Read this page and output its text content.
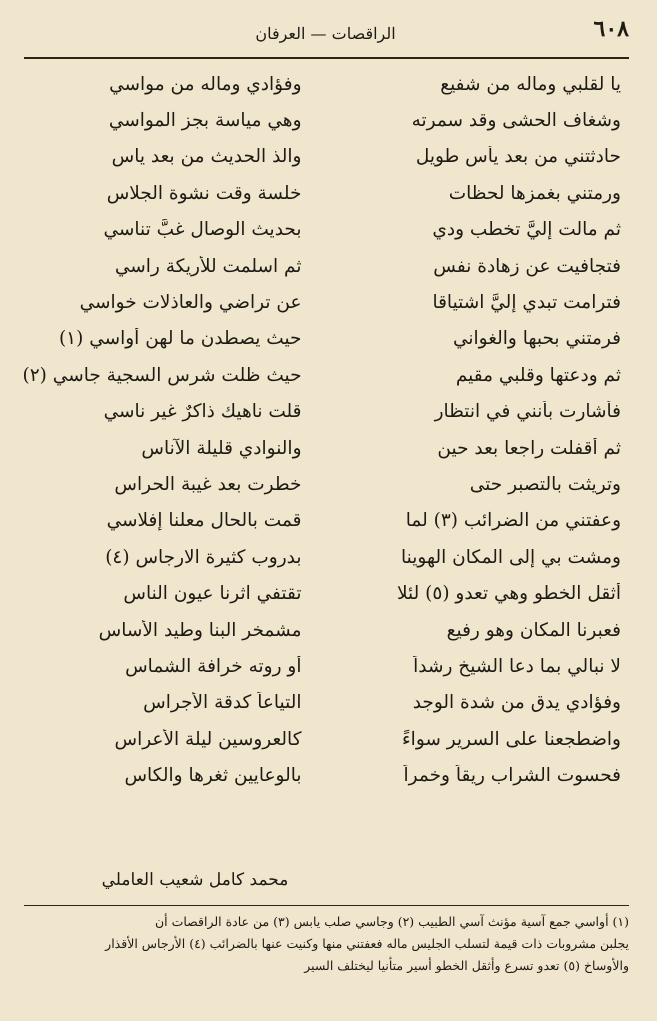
٦٠٨
الراقصات — العرفان
يا لقلبي وماله من شفيع
وفؤادي وماله من مواسي
وشغاف الحشى وقد سمرته
وهي مياسة بجز المواسي
حادثتني من بعد يأس طويل
والذ الحديث من بعد ياس
ورمتني بغمزها لحظات
خلسة وقت نشوة الجلاس
ثم مالت إليَّ تخطب ودي
بحديث الوصال غبَّ تناسي
فتجافيت عن زهادة نفس
ثم اسلمت للأريكة راسي
فترامت تبدي إليَّ اشتياقا
عن تراضي والعاذلات خواسي
فرمتني بحبها والغواني
حيث يصطدن ما لهن أواسي (١)
ثم ودعتها وقلبي مقيم
حيث ظلت شرس السجية جاسي (٢)
فأشارت بأنني في انتظار
قلت ناهيك ذاكرٌ غير ناسي
ثم أقفلت راجعا بعد حين
والنوادي قليلة الآناس
وتريثت بالتصبر حتى
خطرت بعد غيبة الحراس
وعفتني من الضرائب (٣) لما
قمت بالحال معلنا إفلاسي
ومشت بي إلى المكان الهوينا
بدروب كثيرة الارجاس (٤)
أثقل الخطو وهي تعدو (٥) لئلا
تقتفي اثرنا عيون الناس
فعبرنا المكان وهو رفيع
مشمخر البنا وطيد الأساس
لا نبالي بما دعا الشيخ رشداً
أو روته خرافة الشماس
وفؤادي يدق من شدة الوجد
التياعاً كدقة الأجراس
واضطجعنا على السرير سواءً
كالعروسين ليلة الأعراس
فحسوت الشراب ريقاً وخمراً
بالوعايين ثغرها والكاس
محمد كامل شعيب العاملي
(١) أواسي جمع آسية مؤنث آسي الطبيب (٢) وجاسي صلب يابس (٣) من عادة الراقصات أن
يجلبن مشروبات ذات قيمة لتسلب الجليس ماله فعفتني منها وكنيت عنها بالضرائب (٤) الأرجاس الأقذار
والأوساخ (٥) تعدو تسرع وأثقل الخطو أسير متأنيا ليختلف السير
